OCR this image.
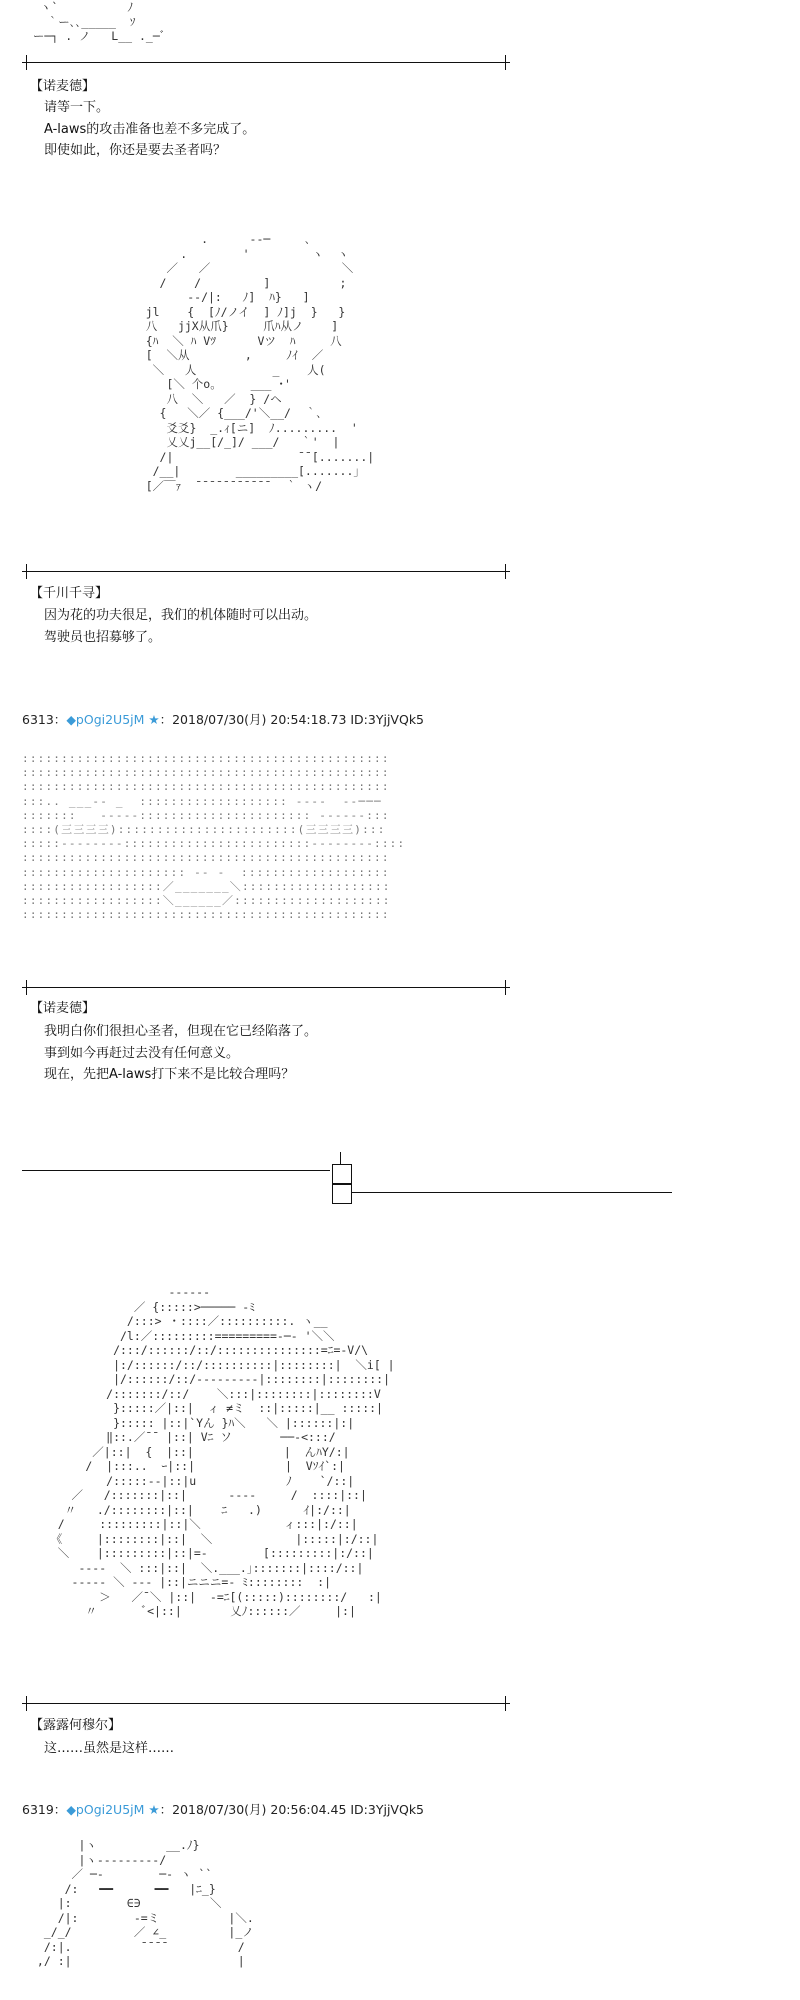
ヽ`          ﾉ
｀ー､､_____  ｿ
ー─┐ . ノ   L__ ._─ﾞ
【诺麦德】
请等一下。
A-laws的攻击准备也差不多完成了。
即使如此，你还是要去圣者吗？
.      ‐‐─     ､
.        '         ヽ  ヽ
／   ／                   ＼
/    /         ]          ;
--/|:   ﾉ]  ﾊ}   ]
jl    {  [ﾉ/ノイ  ] ﾉ]j  }   }
八   jjX从爪}     爪ﾊ从ノ    ]
{ﾊ  ＼ ﾊ Vﾂ      Vツ  ﾊ     八
[  ＼从        ,     ﾉｲ  ／
＼   人           _    人(
[＼ 个o｡     ___ ･'
八  ＼   ／  } /ヘ
{   ＼／ {___/'＼__/  ｀､
爻爻}  _.ｨ[ニ]  ﾉ.........  '
乂乂j__[/_]/ ___/   ｀'  |
/|                  ¯¯[.......|
/__|        _________[.......」
[／￣ｧ  ¯¯¯¯¯¯¯¯¯¯¯  ｀ ヽ/
【千川千寻】
因为花的功夫很足，我们的机体随时可以出动。
驾驶员也招募够了。
6313：◆pOgi2U5jM ★：2018/07/30(月) 20:54:18.73 ID:3YjjVQk5
:::::::::::::::::::::::::::::::::::::::::::::::
:::::::::::::::::::::::::::::::::::::::::::::::
:::::::::::::::::::::::::::::::::::::::::::::::
:::.. ___‐‐ _  ::::::::::::::::::: ‐‐‐‐  ‐‐───
:::::::   ‐‐‐‐‐:::::::::::::::::::::: ‐‐‐‐‐‐:::
::::(三三三三):::::::::::::::::::::::(三三三三):::
:::::‐‐‐‐‐‐‐‐::::::::::::::::::::::::‐‐‐‐‐‐‐‐::::
:::::::::::::::::::::::::::::::::::::::::::::::
::::::::::::::::::::: ‐‐ ‐  :::::::::::::::::::
::::::::::::::::::／_______＼:::::::::::::::::::
::::::::::::::::::＼______／::::::::::::::::::::
:::::::::::::::::::::::::::::::::::::::::::::::
【诺麦德】
我明白你们很担心圣者，但现在它已经陷落了。
事到如今再赶过去没有任何意义。
现在，先把A-laws打下来不是比较合理吗？
-‐‐‐‐‐
／ {:::::>───── -ﾐ
/:::> ・::::／::::::::::. ヽ__
/l:／:::::::::=========-─‐ '＼＼
/:::/::::::/::/:::::::::::::::=ﾆ=-V/\
|:/::::::/::/::::::::::|::::::::|  ＼i[ |
|/::::::/::/‐‐‐‐‐‐‐‐‐|::::::::|::::::::|
/:::::::/::/    ＼:::|::::::::|::::::::V
}:::::／|::|  ィ ≠ミ  ::|:::::|__ :::::|
}::::: |::|`Yん }ﾊ＼   ＼ |::::::|:|
‖::.／¯¯ |::| Vﾆ ソ       ──‐<:::/
／|::|  {  |::|             |  んﾊY/:|
/  |:::..  ｰ|::|             |  Vｿｲ`:|
/:::::‐‐|::|u             ﾉ    `/::|
／   /:::::::|::|      ‐‐‐‐     /  ::::|::|
〃   ./::::::::|::|    ﾆ   .)      ｲ|:/::|
/     :::::::::|::|＼            ィ:::|:/::|
《     |::::::::|::|  ＼            |:::::|:/::|
＼    |:::::::::|::|=‐        [:::::::::|:/::|
‐‐‐‐  ＼ :::|::|  ＼.___.｣:::::::|::::/::|
‐‐‐‐‐ ＼ ‐‐‐ |::|ニニニ=‐ ﾐ::::::::  :|
＞   ／¯＼ |::|  -=ﾆ[(:::::)::::::::/   :|
〃       ﾞ<|::|       乂ﾉ::::::／     |:|
【露露何穆尔】
这……虽然是这样……
6319：◆pOgi2U5jM ★：2018/07/30(月) 20:56:04.45 ID:3YjjVQk5
|ヽ          __.ﾉ}
|ヽ‐‐‐‐‐‐‐‐-/
／ ─‐        ─‐ ヽ ``
/:   ━━      ━━   |ﾆ_}
|:        ∈∋          ＼
/|:        -=ミ          |＼.
_/_/         ／ ∠_         |_ノ
/:|.          ¯¯¯¯          /
,/ :|                        |
